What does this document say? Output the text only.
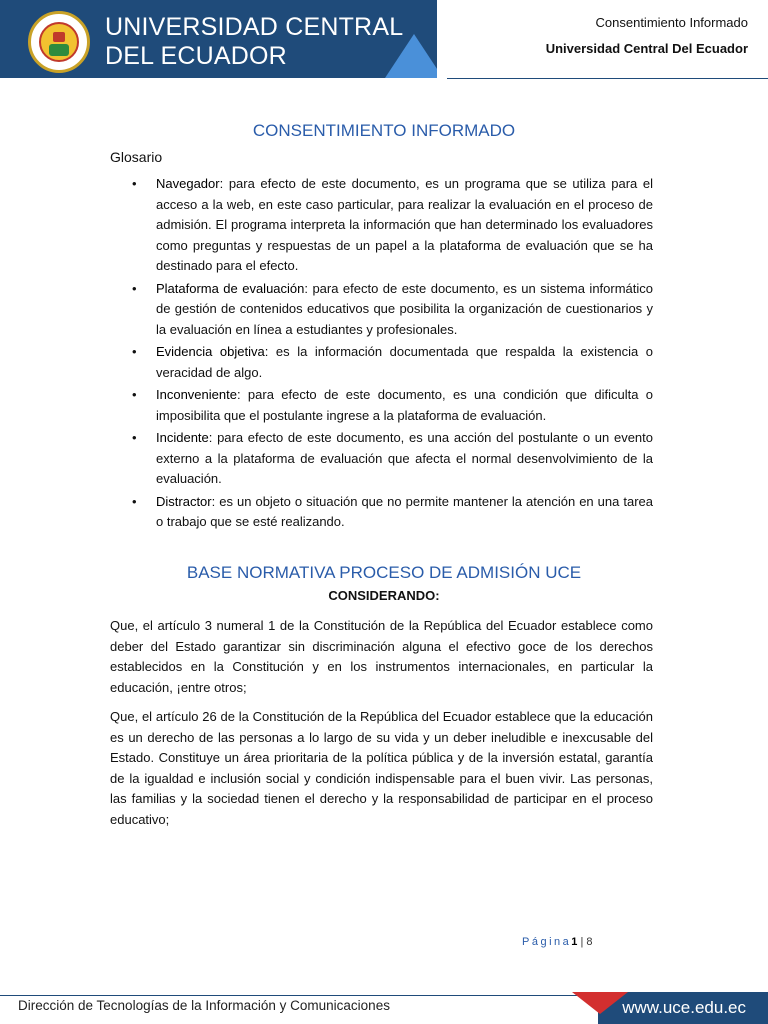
UNIVERSIDAD CENTRAL
DEL ECUADOR
Consentimiento Informado
Universidad Central Del Ecuador
CONSENTIMIENTO INFORMADO
Glosario
• Navegador: para efecto de este documento, es un programa que se utiliza para el acceso a la web, en este caso particular, para realizar la evaluación en el proceso de admisión. El programa interpreta la información que han determinado los evaluadores como preguntas y respuestas de un papel a la plataforma de evaluación que se ha destinado para el efecto.
• Plataforma de evaluación: para efecto de este documento, es un sistema informático de gestión de contenidos educativos que posibilita la organización de cuestionarios y la evaluación en línea a estudiantes y profesionales.
• Evidencia objetiva: es la información documentada que respalda la existencia o veracidad de algo.
• Inconveniente: para efecto de este documento, es una condición que dificulta o imposibilita que el postulante ingrese a la plataforma de evaluación.
• Incidente: para efecto de este documento, es una acción del postulante o un evento externo a la plataforma de evaluación que afecta el normal desenvolvimiento de la evaluación.
• Distractor: es un objeto o situación que no permite mantener la atención en una tarea o trabajo que se esté realizando.
BASE NORMATIVA PROCESO DE ADMISIÓN UCE
CONSIDERANDO:

Que, el artículo 3 numeral 1 de la Constitución de la República del Ecuador establece como deber del Estado garantizar sin discriminación alguna el efectivo goce de los derechos establecidos en la Constitución y en los instrumentos internacionales, en particular la educación, ¡entre otros;

Que, el artículo 26 de la Constitución de la República del Ecuador establece que la educación es un derecho de las personas a lo largo de su vida y un deber ineludible e inexcusable del Estado. Constituye un área prioritaria de la política pública y de la inversión estatal, garantía de la igualdad e inclusión social y condición indispensable para el buen vivir. Las personas, las familias y la sociedad tienen el derecho y la responsabilidad de participar en el proceso educativo;

Página1 | 8
Dirección de Tecnologías de la Información y Comunicaciones	www.uce.edu.ec
